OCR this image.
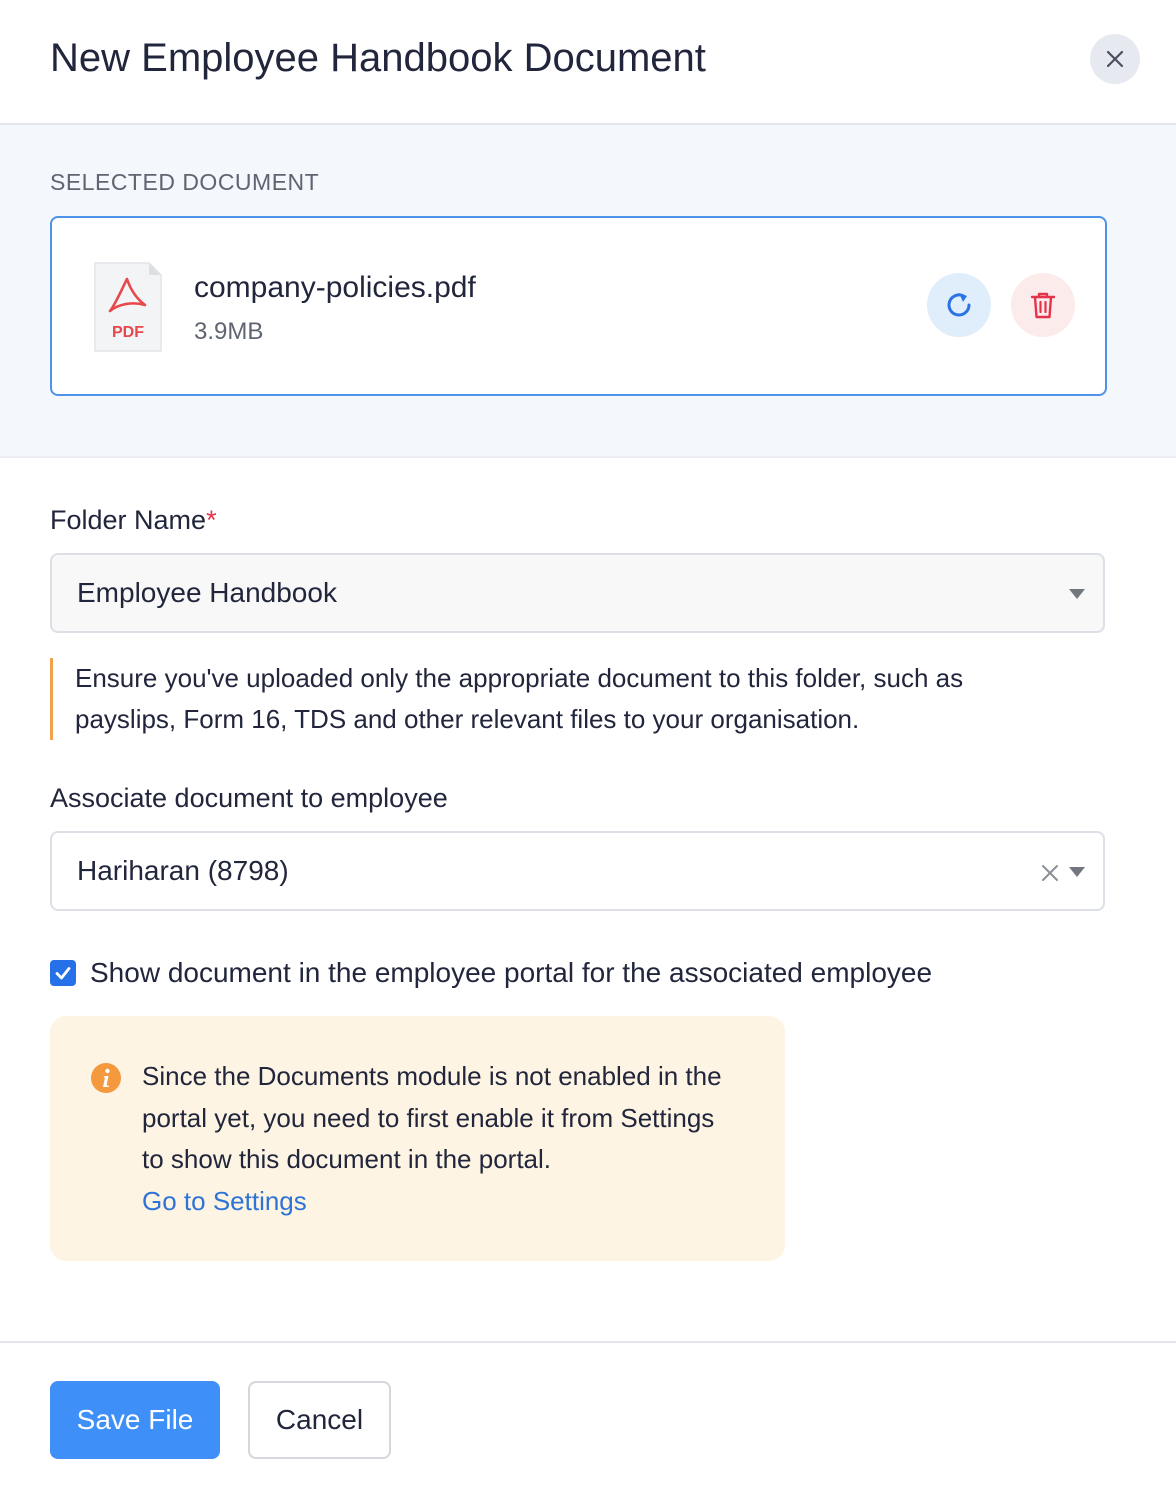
New Employee Handbook Document
SELECTED DOCUMENT
PDF
company-policies.pdf
3.9MB
Folder Name*
Employee Handbook
Ensure you've uploaded only the appropriate document to this folder, such as payslips, Form 16, TDS and other relevant files to your organisation.
Associate document to employee
Hariharan (8798)
Show document in the employee portal for the associated employee
Since the Documents module is not enabled in the portal yet, you need to first enable it from Settings to show this document in the portal.
Go to Settings
Save File	Cancel
